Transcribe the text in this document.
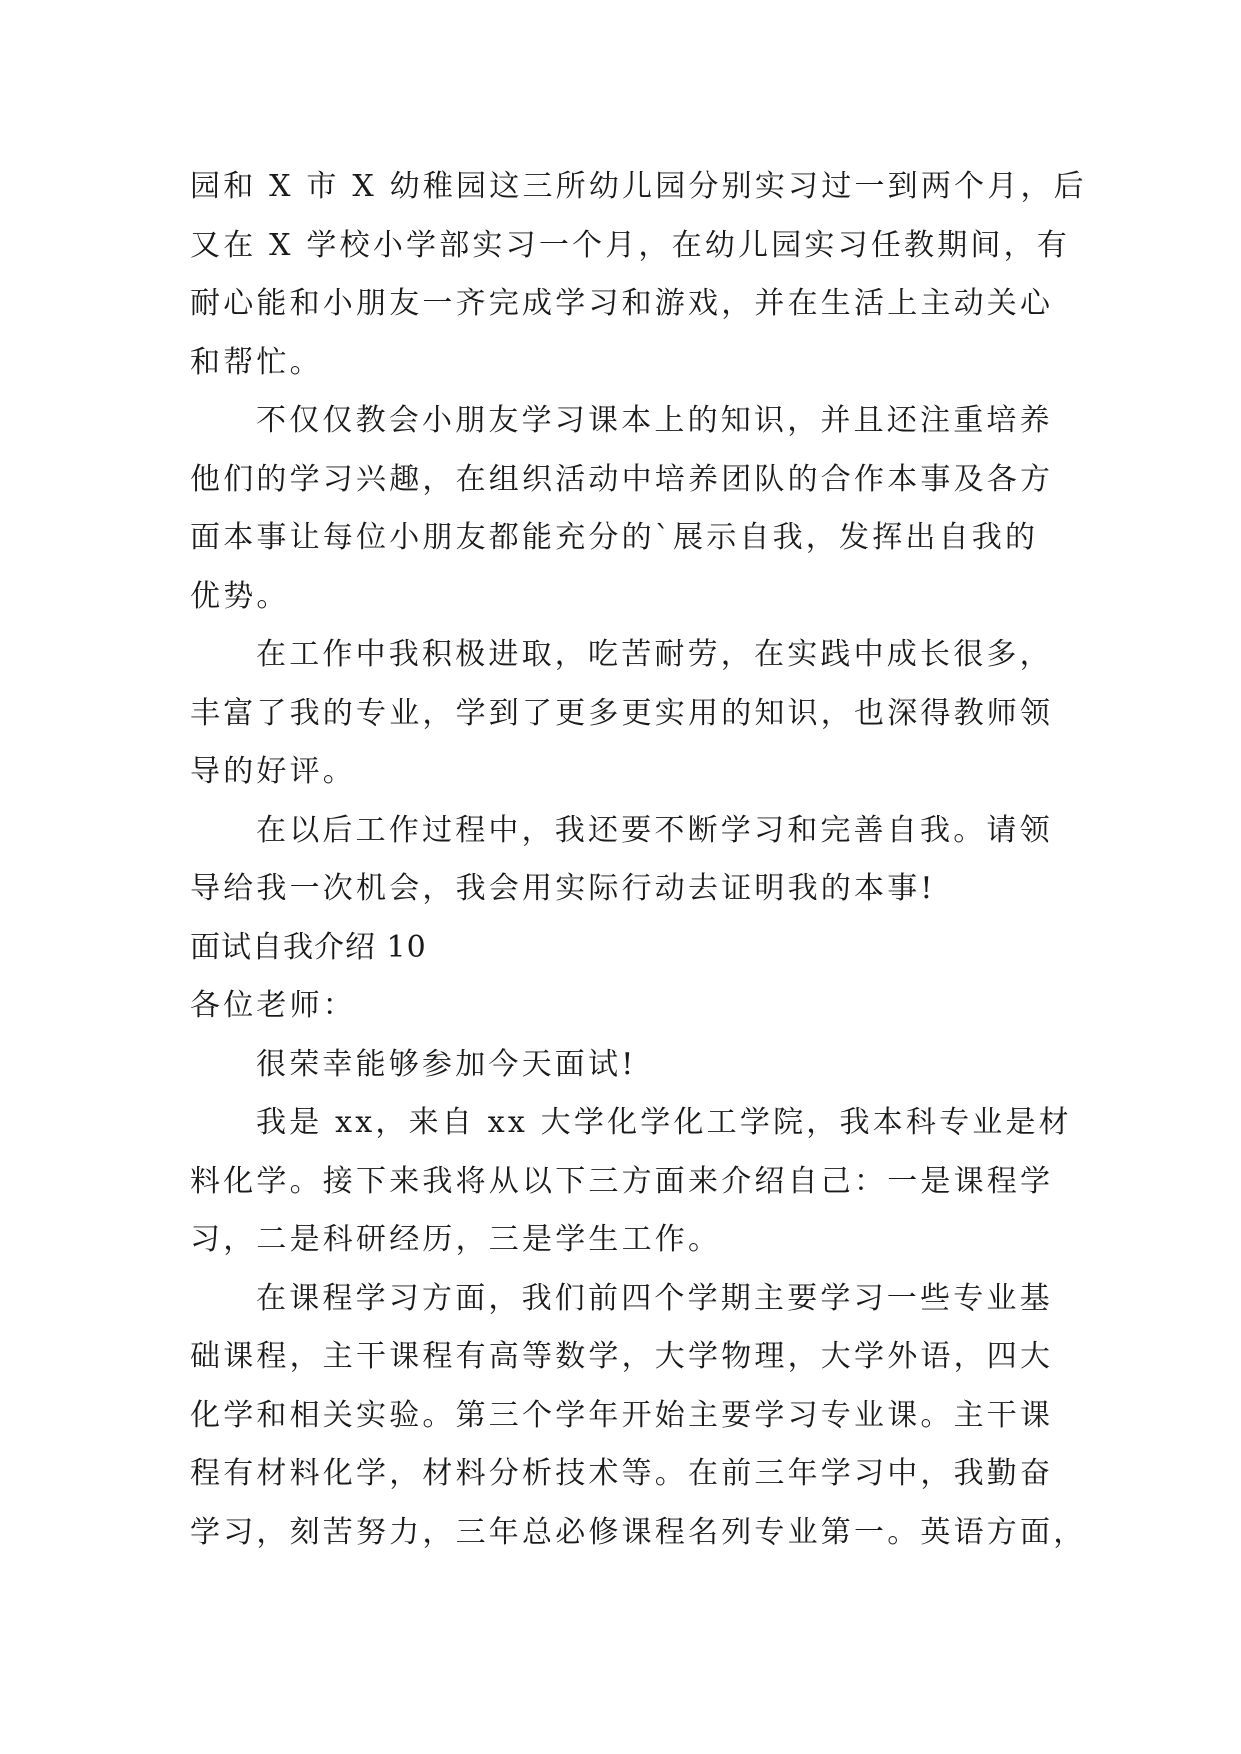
园和 X 市 X 幼稚园这三所幼儿园分别实习过一到两个月，后
又在 X 学校小学部实习一个月，在幼儿园实习任教期间，有
耐心能和小朋友一齐完成学习和游戏，并在生活上主动关心
和帮忙。
不仅仅教会小朋友学习课本上的知识，并且还注重培养
他们的学习兴趣，在组织活动中培养团队的合作本事及各方
面本事让每位小朋友都能充分的`展示自我，发挥出自我的
优势。
在工作中我积极进取，吃苦耐劳，在实践中成长很多，
丰富了我的专业，学到了更多更实用的知识，也深得教师领
导的好评。
在以后工作过程中，我还要不断学习和完善自我。请领
导给我一次机会，我会用实际行动去证明我的本事!
面试自我介绍 10
各位老师：
很荣幸能够参加今天面试!
我是 xx，来自 xx 大学化学化工学院，我本科专业是材
料化学。接下来我将从以下三方面来介绍自己：一是课程学
习，二是科研经历，三是学生工作。
在课程学习方面，我们前四个学期主要学习一些专业基
础课程，主干课程有高等数学，大学物理，大学外语，四大
化学和相关实验。第三个学年开始主要学习专业课。主干课
程有材料化学，材料分析技术等。在前三年学习中，我勤奋
学习，刻苦努力，三年总必修课程名列专业第一。英语方面，
